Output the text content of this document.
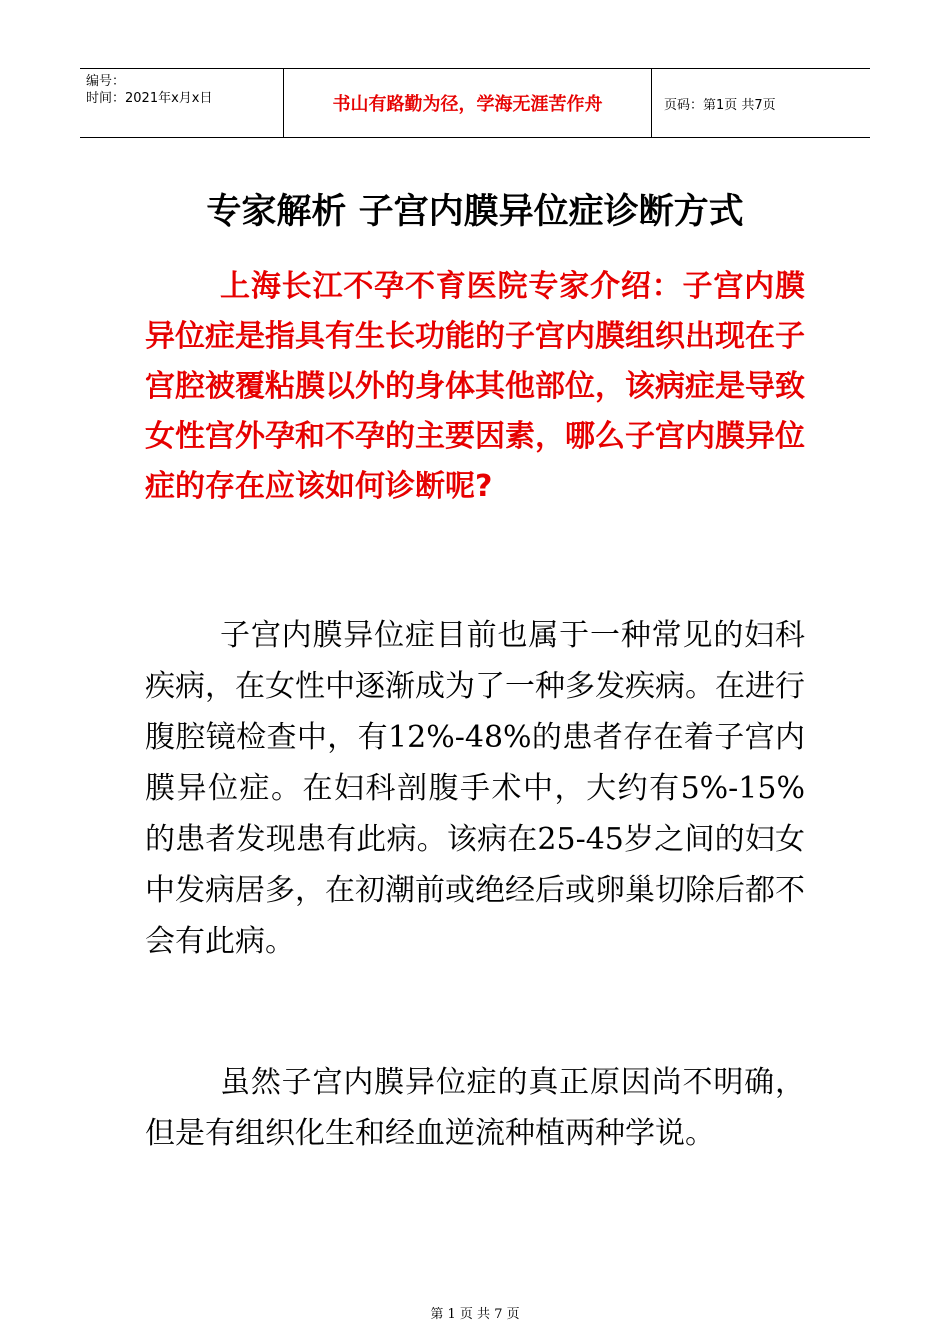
编号：
时间：2021年x月x日	书山有路勤为径，学海无涯苦作舟	页码：第1页 共7页
专家解析 子宫内膜异位症诊断方式

上海长江不孕不育医院专家介绍：子宫内膜异位症是指具有生长功能的子宫内膜组织出现在子宫腔被覆粘膜以外的身体其他部位，该病症是导致女性宫外孕和不孕的主要因素，哪么子宫内膜异位症的存在应该如何诊断呢?

子宫内膜异位症目前也属于一种常见的妇科疾病，在女性中逐渐成为了一种多发疾病。在进行腹腔镜检查中，有12%-48%的患者存在着子宫内膜异位症。在妇科剖腹手术中，大约有5%-15%的患者发现患有此病。该病在25-45岁之间的妇女中发病居多，在初潮前或绝经后或卵巢切除后都不会有此病。

虽然子宫内膜异位症的真正原因尚不明确，但是有组织化生和经血逆流种植两种学说。

第 1 页 共 7 页
